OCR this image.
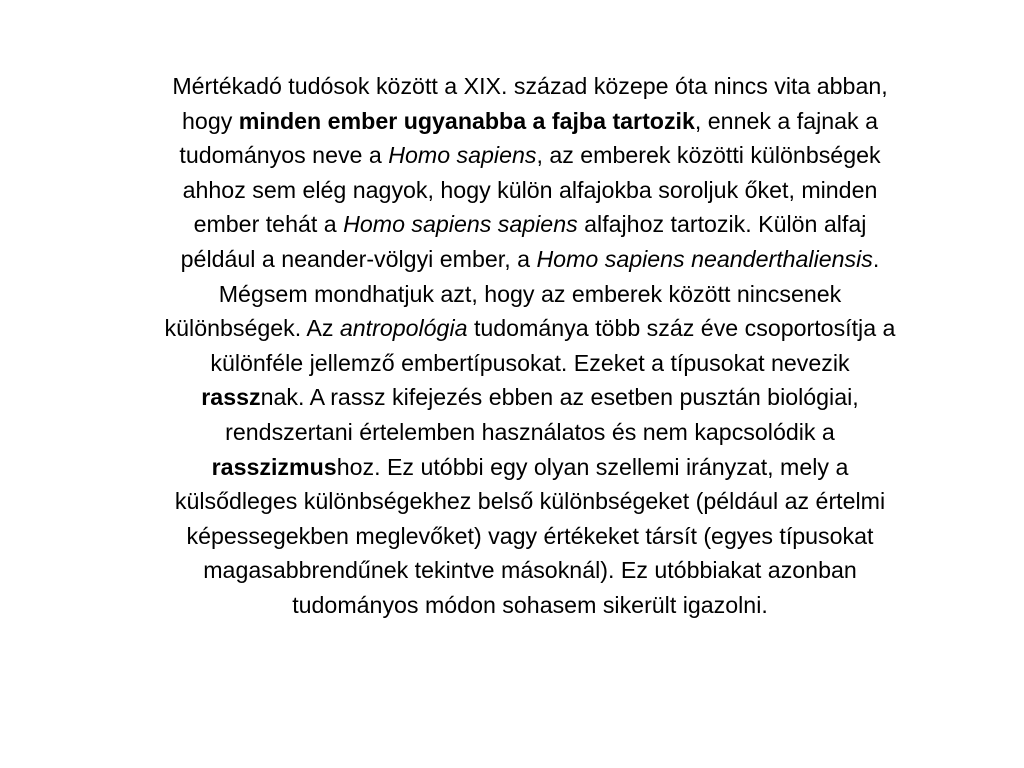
Mértékadó tudósok között a XIX. század közepe óta nincs vita abban,
hogy minden ember ugyanabba a fajba tartozik, ennek a fajnak a
tudományos neve a Homo sapiens, az emberek közötti különbségek
ahhoz sem elég nagyok, hogy külön alfajokba soroljuk őket, minden
ember tehát a Homo sapiens sapiens alfajhoz tartozik. Külön alfaj
például a neander-völgyi ember, a Homo sapiens neanderthaliensis.
Mégsem mondhatjuk azt, hogy az emberek között nincsenek
különbségek. Az antropológia tudománya több száz éve csoportosítja a
különféle jellemző embertípusokat. Ezeket a típusokat nevezik
rassznak. A rassz kifejezés ebben az esetben pusztán biológiai,
rendszertani értelemben használatos és nem kapcsolódik a
rasszizmushoz. Ez utóbbi egy olyan szellemi irányzat, mely a
külsődleges különbségekhez belső különbségeket (például az értelmi
képessegekben meglevőket) vagy értékeket társít (egyes típusokat
magasabbrendűnek tekintve másoknál). Ez utóbbiakat azonban
tudományos módon sohasem sikerült igazolni.
